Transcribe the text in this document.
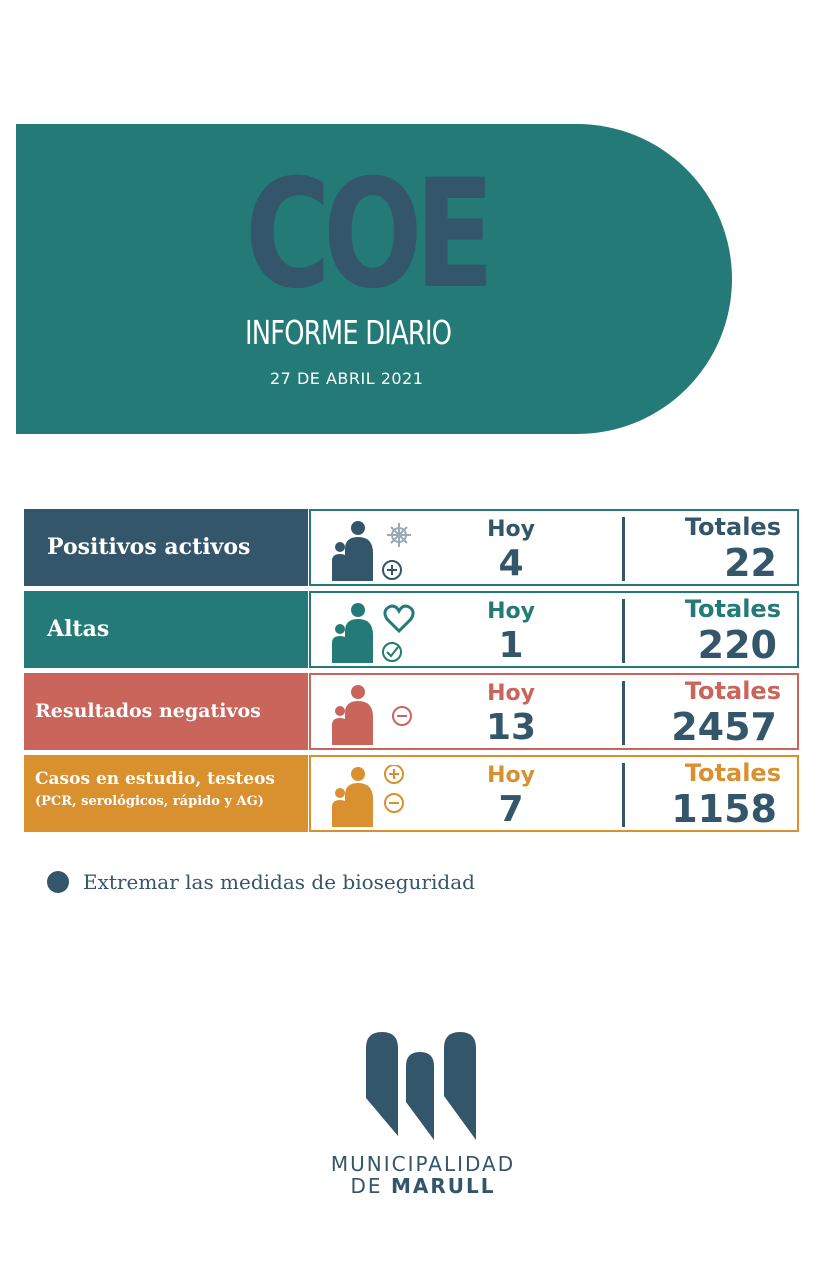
COE
INFORME DIARIO
27 DE ABRIL 2021
Positivos activos
Hoy
4
Totales
22
Altas
Hoy
1
Totales
220
Resultados negativos
Hoy
13
Totales
2457
Casos en estudio, testeos
(PCR, serológicos, rápido y AG)
Hoy
7
Totales
1158
Extremar las medidas de bioseguridad
MUNICIPALIDAD
DE MARULL
